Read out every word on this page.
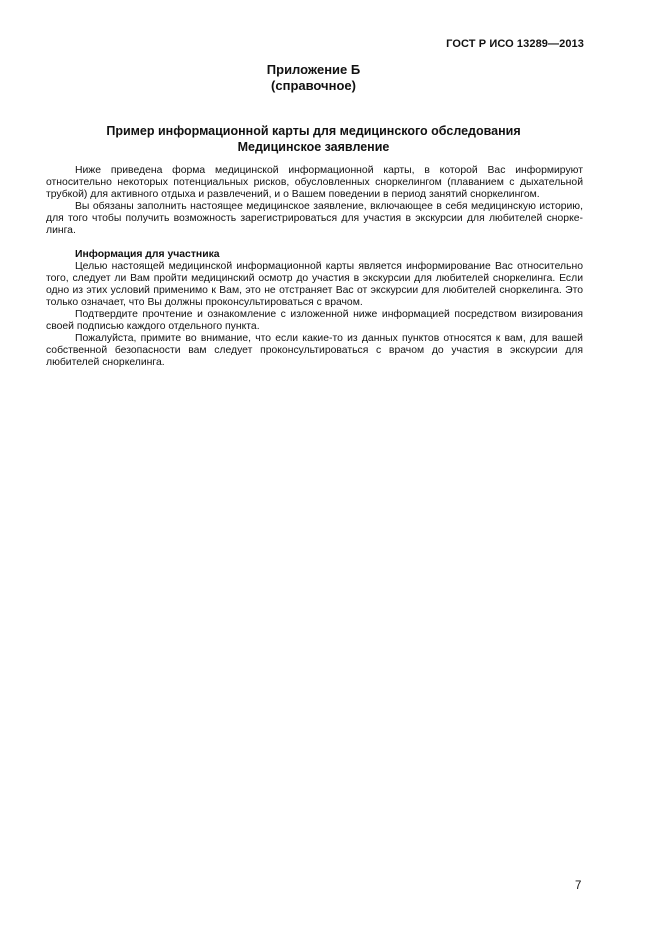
ГОСТ Р ИСО 13289—2013
Приложение Б
(справочное)
Пример информационной карты для медицинского обследования
Медицинское заявление

Ниже приведена форма медицинской информационной карты, в которой Вас информируют относительно некоторых потенциальных рисков, обусловленных сноркелингом (плаванием с дыхательной трубкой) для активного отдыха и развлечений, и о Вашем поведении в период занятий сноркелингом.

Вы обязаны заполнить настоящее медицинское заявление, включающее в себя медицинскую историю, для того чтобы получить возможность зарегистрироваться для участия в экскурсии для любителей сноркелинга.

Информация для участника

Целью настоящей медицинской информационной карты является информирование Вас относительно того, следует ли Вам пройти медицинский осмотр до участия в экскурсии для любителей сноркелинга. Если одно из этих условий применимо к Вам, это не отстраняет Вас от экскурсии для любителей сноркелинга. Это только означает, что Вы должны проконсультироваться с врачом.

Подтвердите прочтение и ознакомление с изложенной ниже информацией посредством визирования своей подписью каждого отдельного пункта.

Пожалуйста, примите во внимание, что если какие-то из данных пунктов относятся к вам, для вашей собственной безопасности вам следует проконсультироваться с врачом до участия в экскурсии для любителей сноркелинга.

7
